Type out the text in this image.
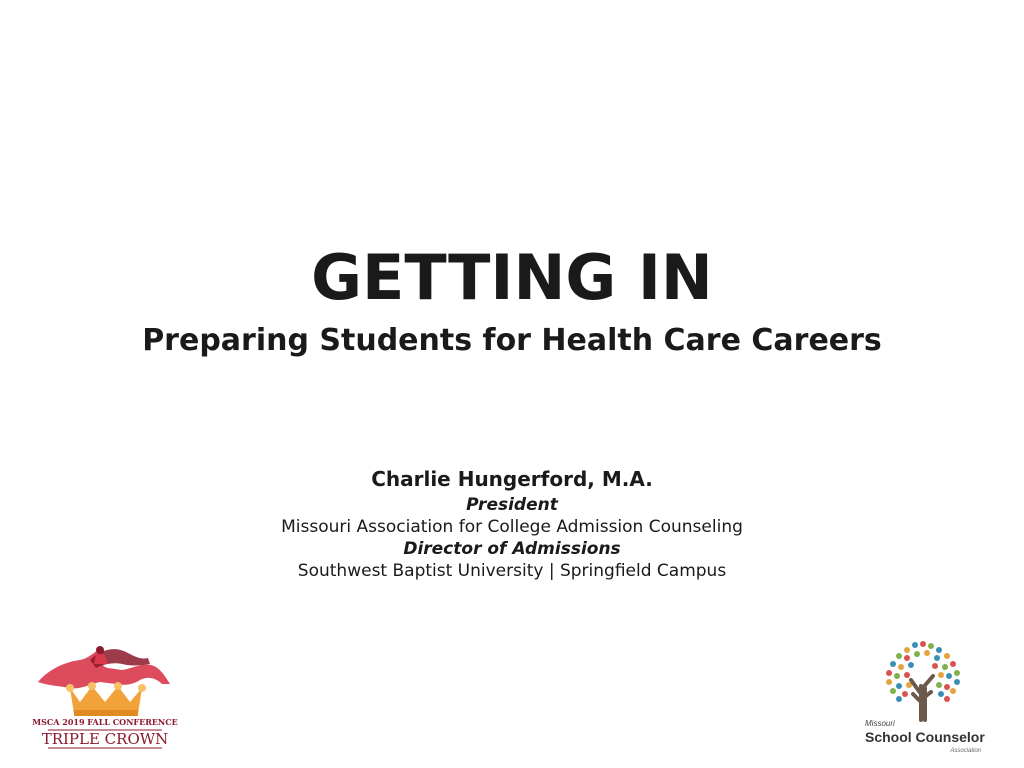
GETTING IN
Preparing Students for Health Care Careers
Charlie Hungerford, M.A.
President
Missouri Association for College Admission Counseling
Director of Admissions
Southwest Baptist University | Springfield Campus
MSCA 2019 FALL CONFERENCE
TRIPLE CROWN
Missouri
School Counselor
Association
